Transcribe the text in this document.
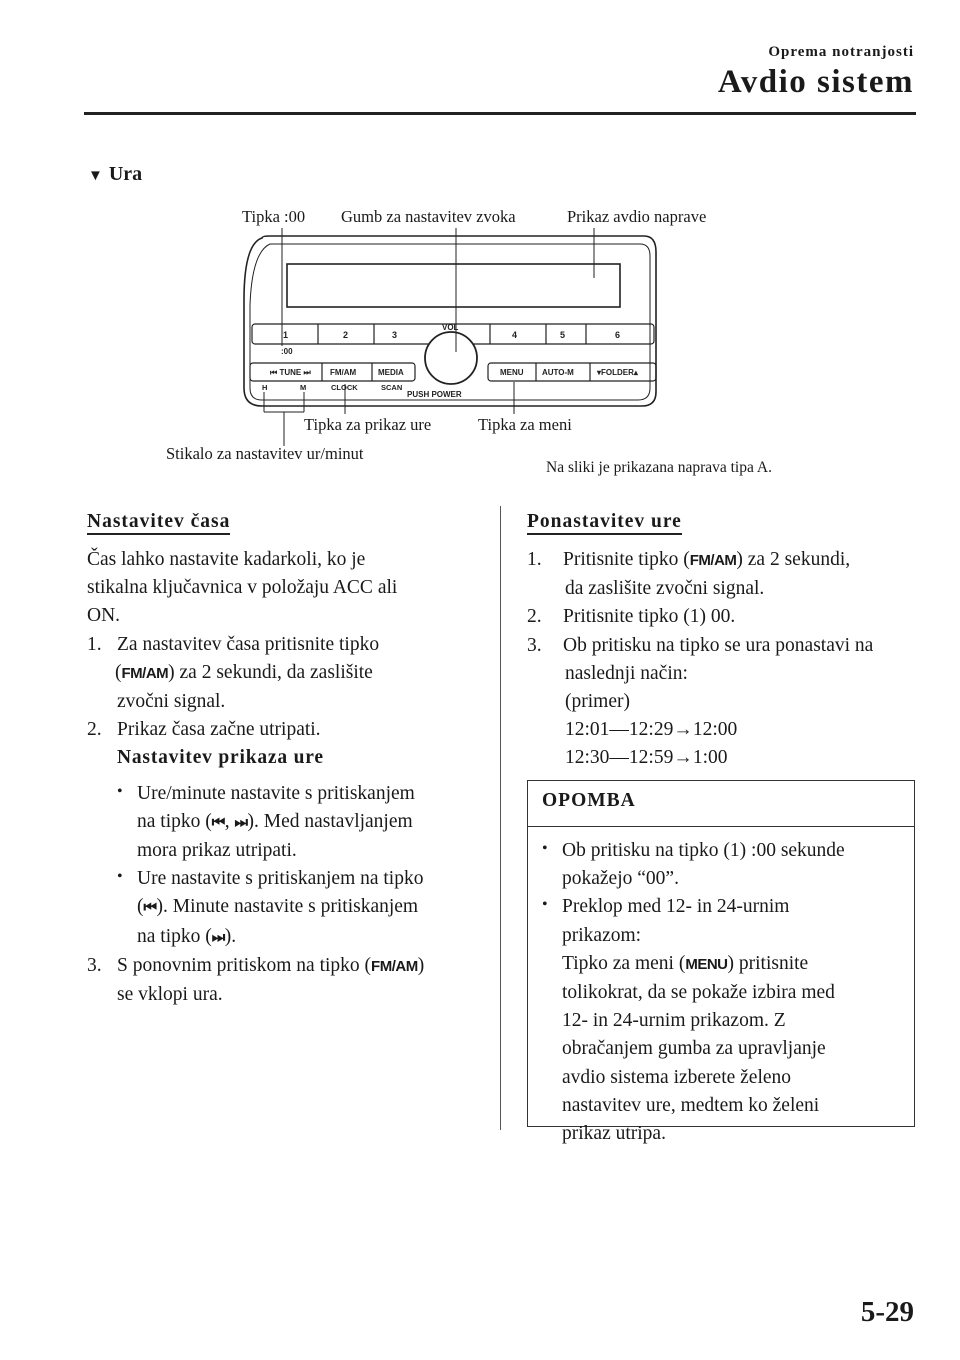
Oprema notranjosti
Avdio sistem
▼ Ura
1	2	3	4	5	6
:00
VOL
PUSH POWER
⏮ TUNE ⏭ FM/AM	MEDIA	MENU AUTO-M	▾FOLDER▴
H	M	CLOCK	SCAN
Tipka :00 Gumb za nastavitev zvoka	Prikaz avdio naprave
Tipka za prikaz ure	Tipka za meni
Stikalo za nastavitev ur/minut
Na sliki je prikazana naprava tipa A.
Nastavitev časa
Čas lahko nastavite kadarkoli, ko je
stikalna ključavnica v položaju ACC ali
ON.
1. Za nastavitev časa pritisnite tipko
(FM/AM) za 2 sekundi, da zaslišite
zvočni signal.
2. Prikaz časa začne utripati.
Nastavitev prikaza ure
• Ure/minute nastavite s pritiskanjem
na tipko (⏮, ⏭). Med nastavljanjem
mora prikaz utripati.
• Ure nastavite s pritiskanjem na tipko
(⏮). Minute nastavite s pritiskanjem
na tipko (⏭).
3. S ponovnim pritiskom na tipko (FM/AM)
se vklopi ura.
Ponastavitev ure
1. Pritisnite tipko (FM/AM) za 2 sekundi,
da zaslišite zvočni signal.
2. Pritisnite tipko (1) 00.
3. Ob pritisku na tipko se ura ponastavi na
naslednji način:
(primer)
12:01―12:29→12:00
12:30―12:59→1:00
OPOMBA
• Ob pritisku na tipko (1) :00 sekunde
pokažejo “00”.
• Preklop med 12- in 24-urnim
prikazom:
Tipko za meni (MENU) pritisnite
tolikokrat, da se pokaže izbira med
12- in 24-urnim prikazom. Z
obračanjem gumba za upravljanje
avdio sistema izberete želeno
nastavitev ure, medtem ko želeni
prikaz utripa.
5-29
